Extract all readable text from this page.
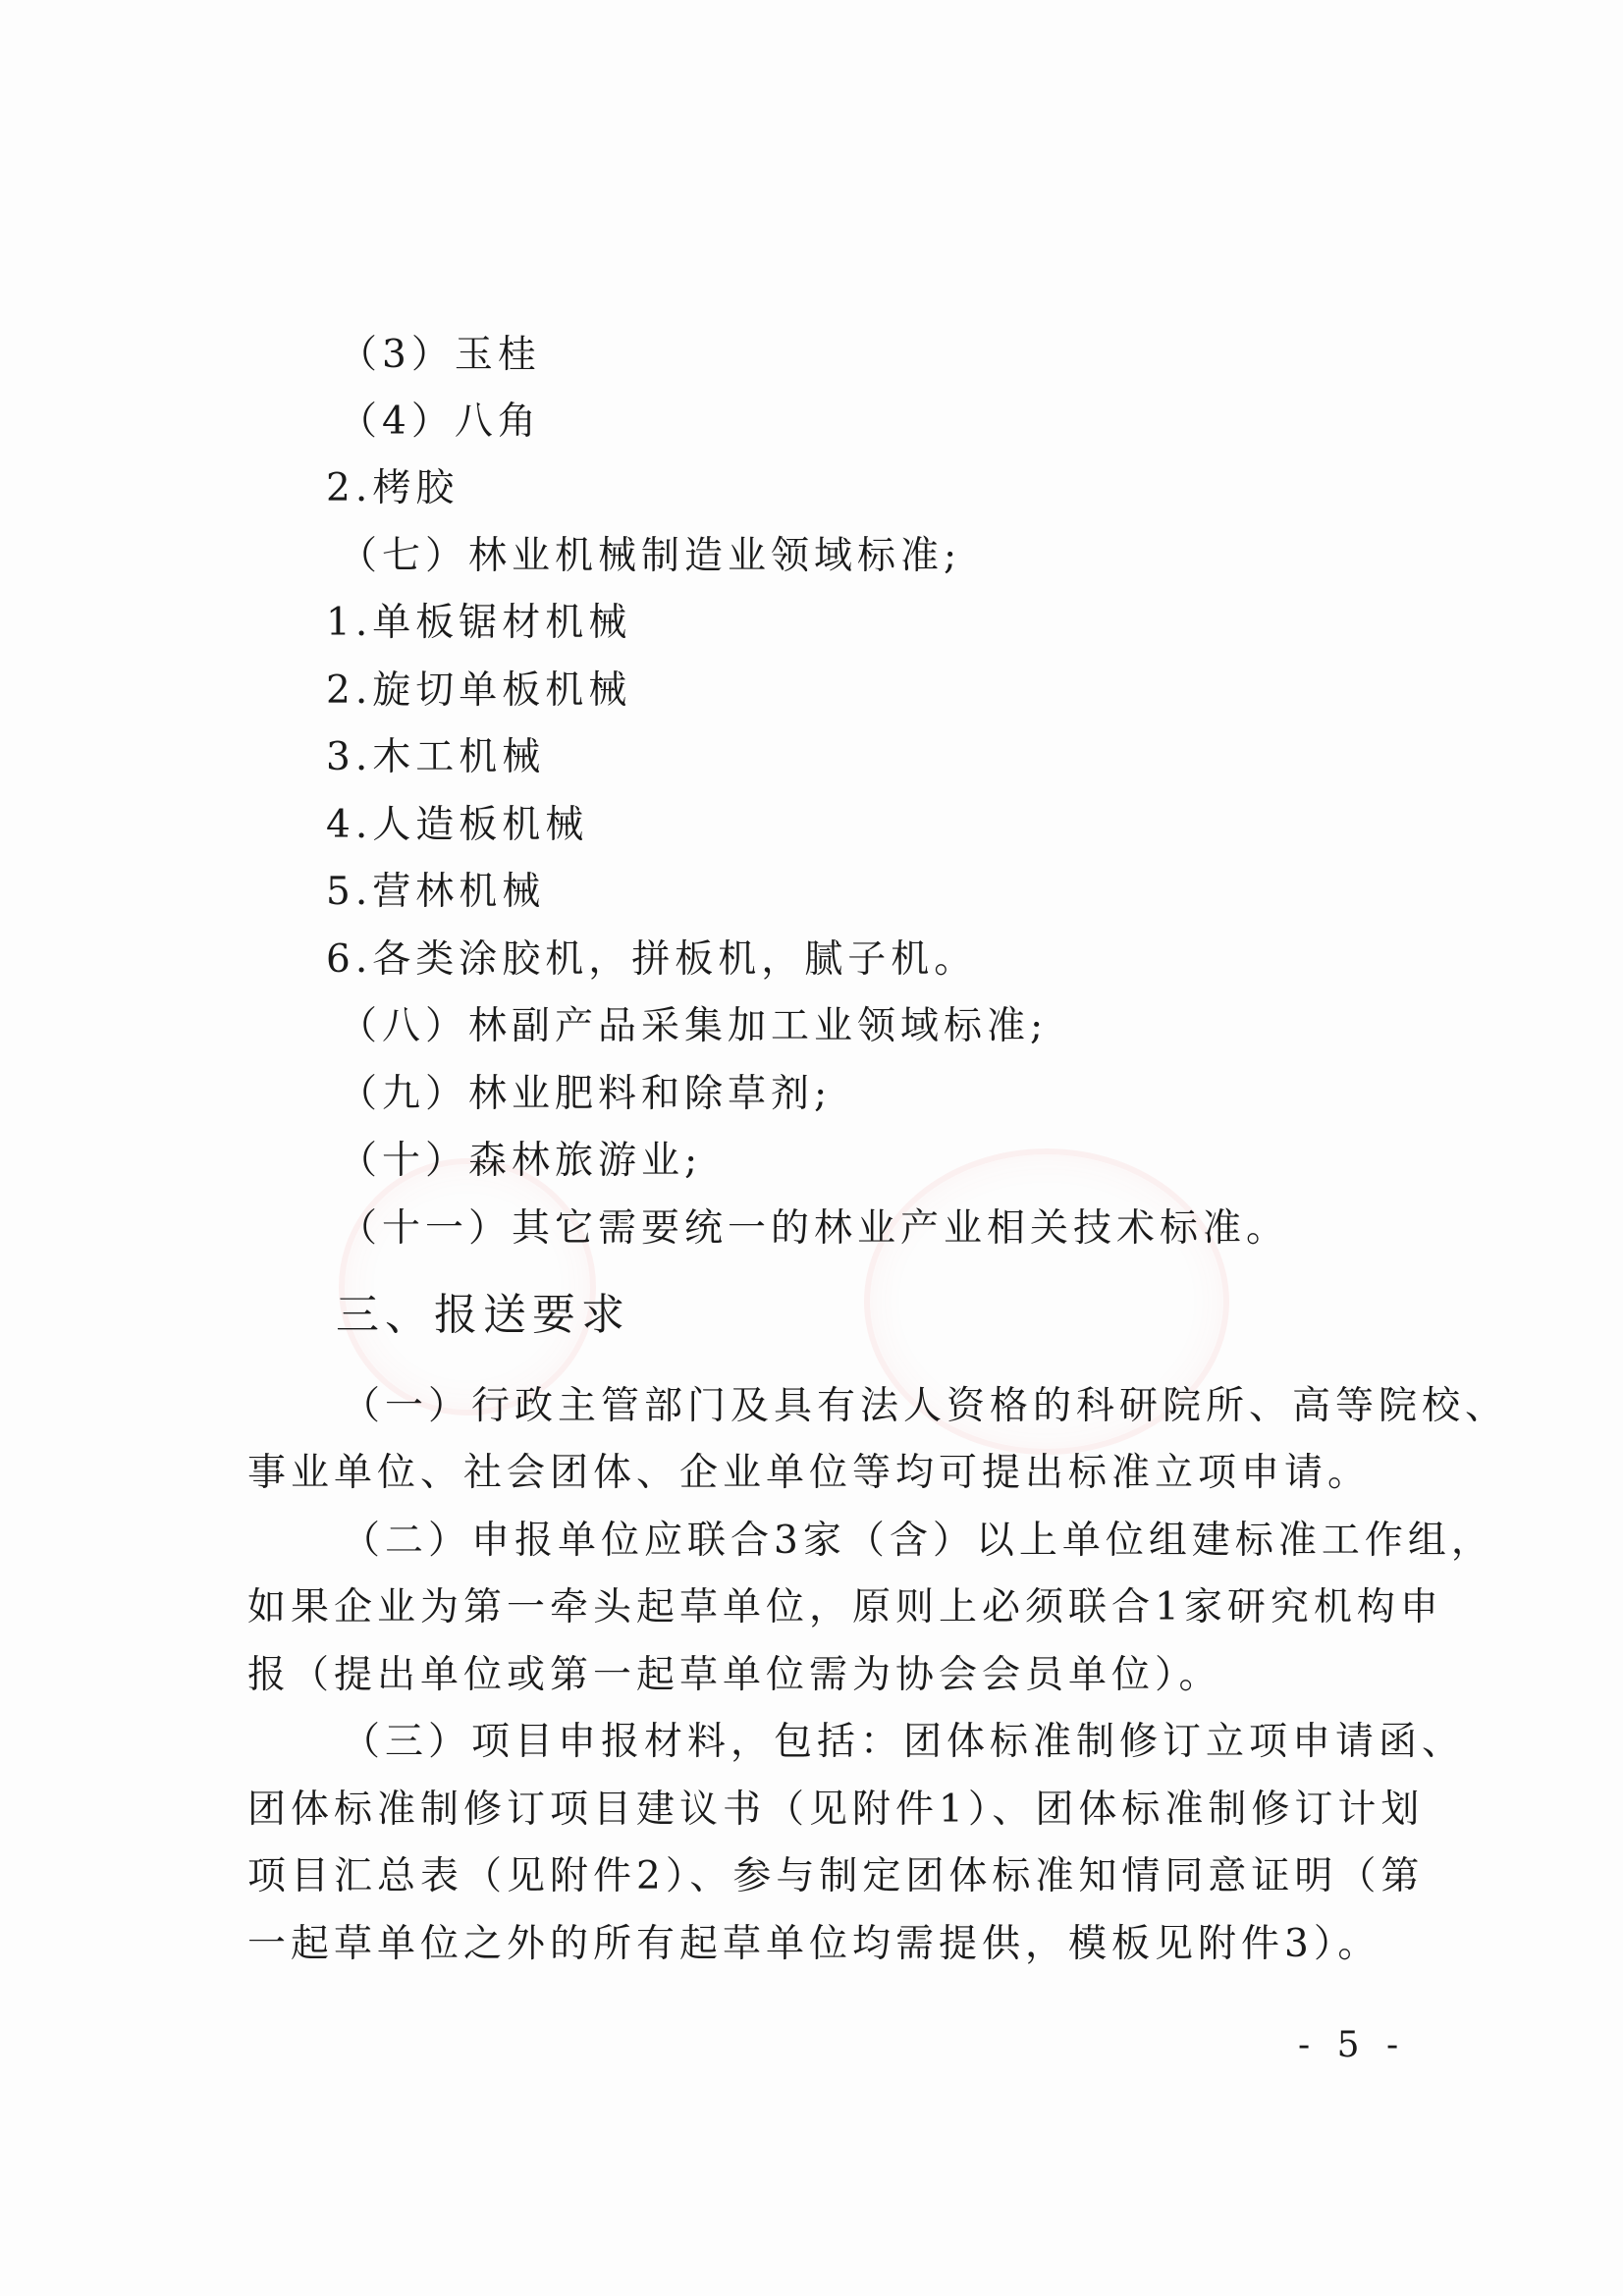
（3）玉桂
（4）八角
2.栲胶
（七）林业机械制造业领域标准;
1.单板锯材机械
2.旋切单板机械
3.木工机械
4.人造板机械
5.营林机械
6.各类涂胶机，拼板机，腻子机。
（八）林副产品采集加工业领域标准;
（九）林业肥料和除草剂;
（十）森林旅游业;
（十一）其它需要统一的林业产业相关技术标准。
三、报送要求
（一）行政主管部门及具有法人资格的科研院所、高等院校、
事业单位、社会团体、企业单位等均可提出标准立项申请。
（二）申报单位应联合3家（含）以上单位组建标准工作组，
如果企业为第一牵头起草单位，原则上必须联合1家研究机构申
报（提出单位或第一起草单位需为协会会员单位）。
（三）项目申报材料，包括：团体标准制修订立项申请函、
团体标准制修订项目建议书（见附件1）、团体标准制修订计划
项目汇总表（见附件2）、参与制定团体标准知情同意证明（第
一起草单位之外的所有起草单位均需提供，模板见附件3）。
- 5 -
